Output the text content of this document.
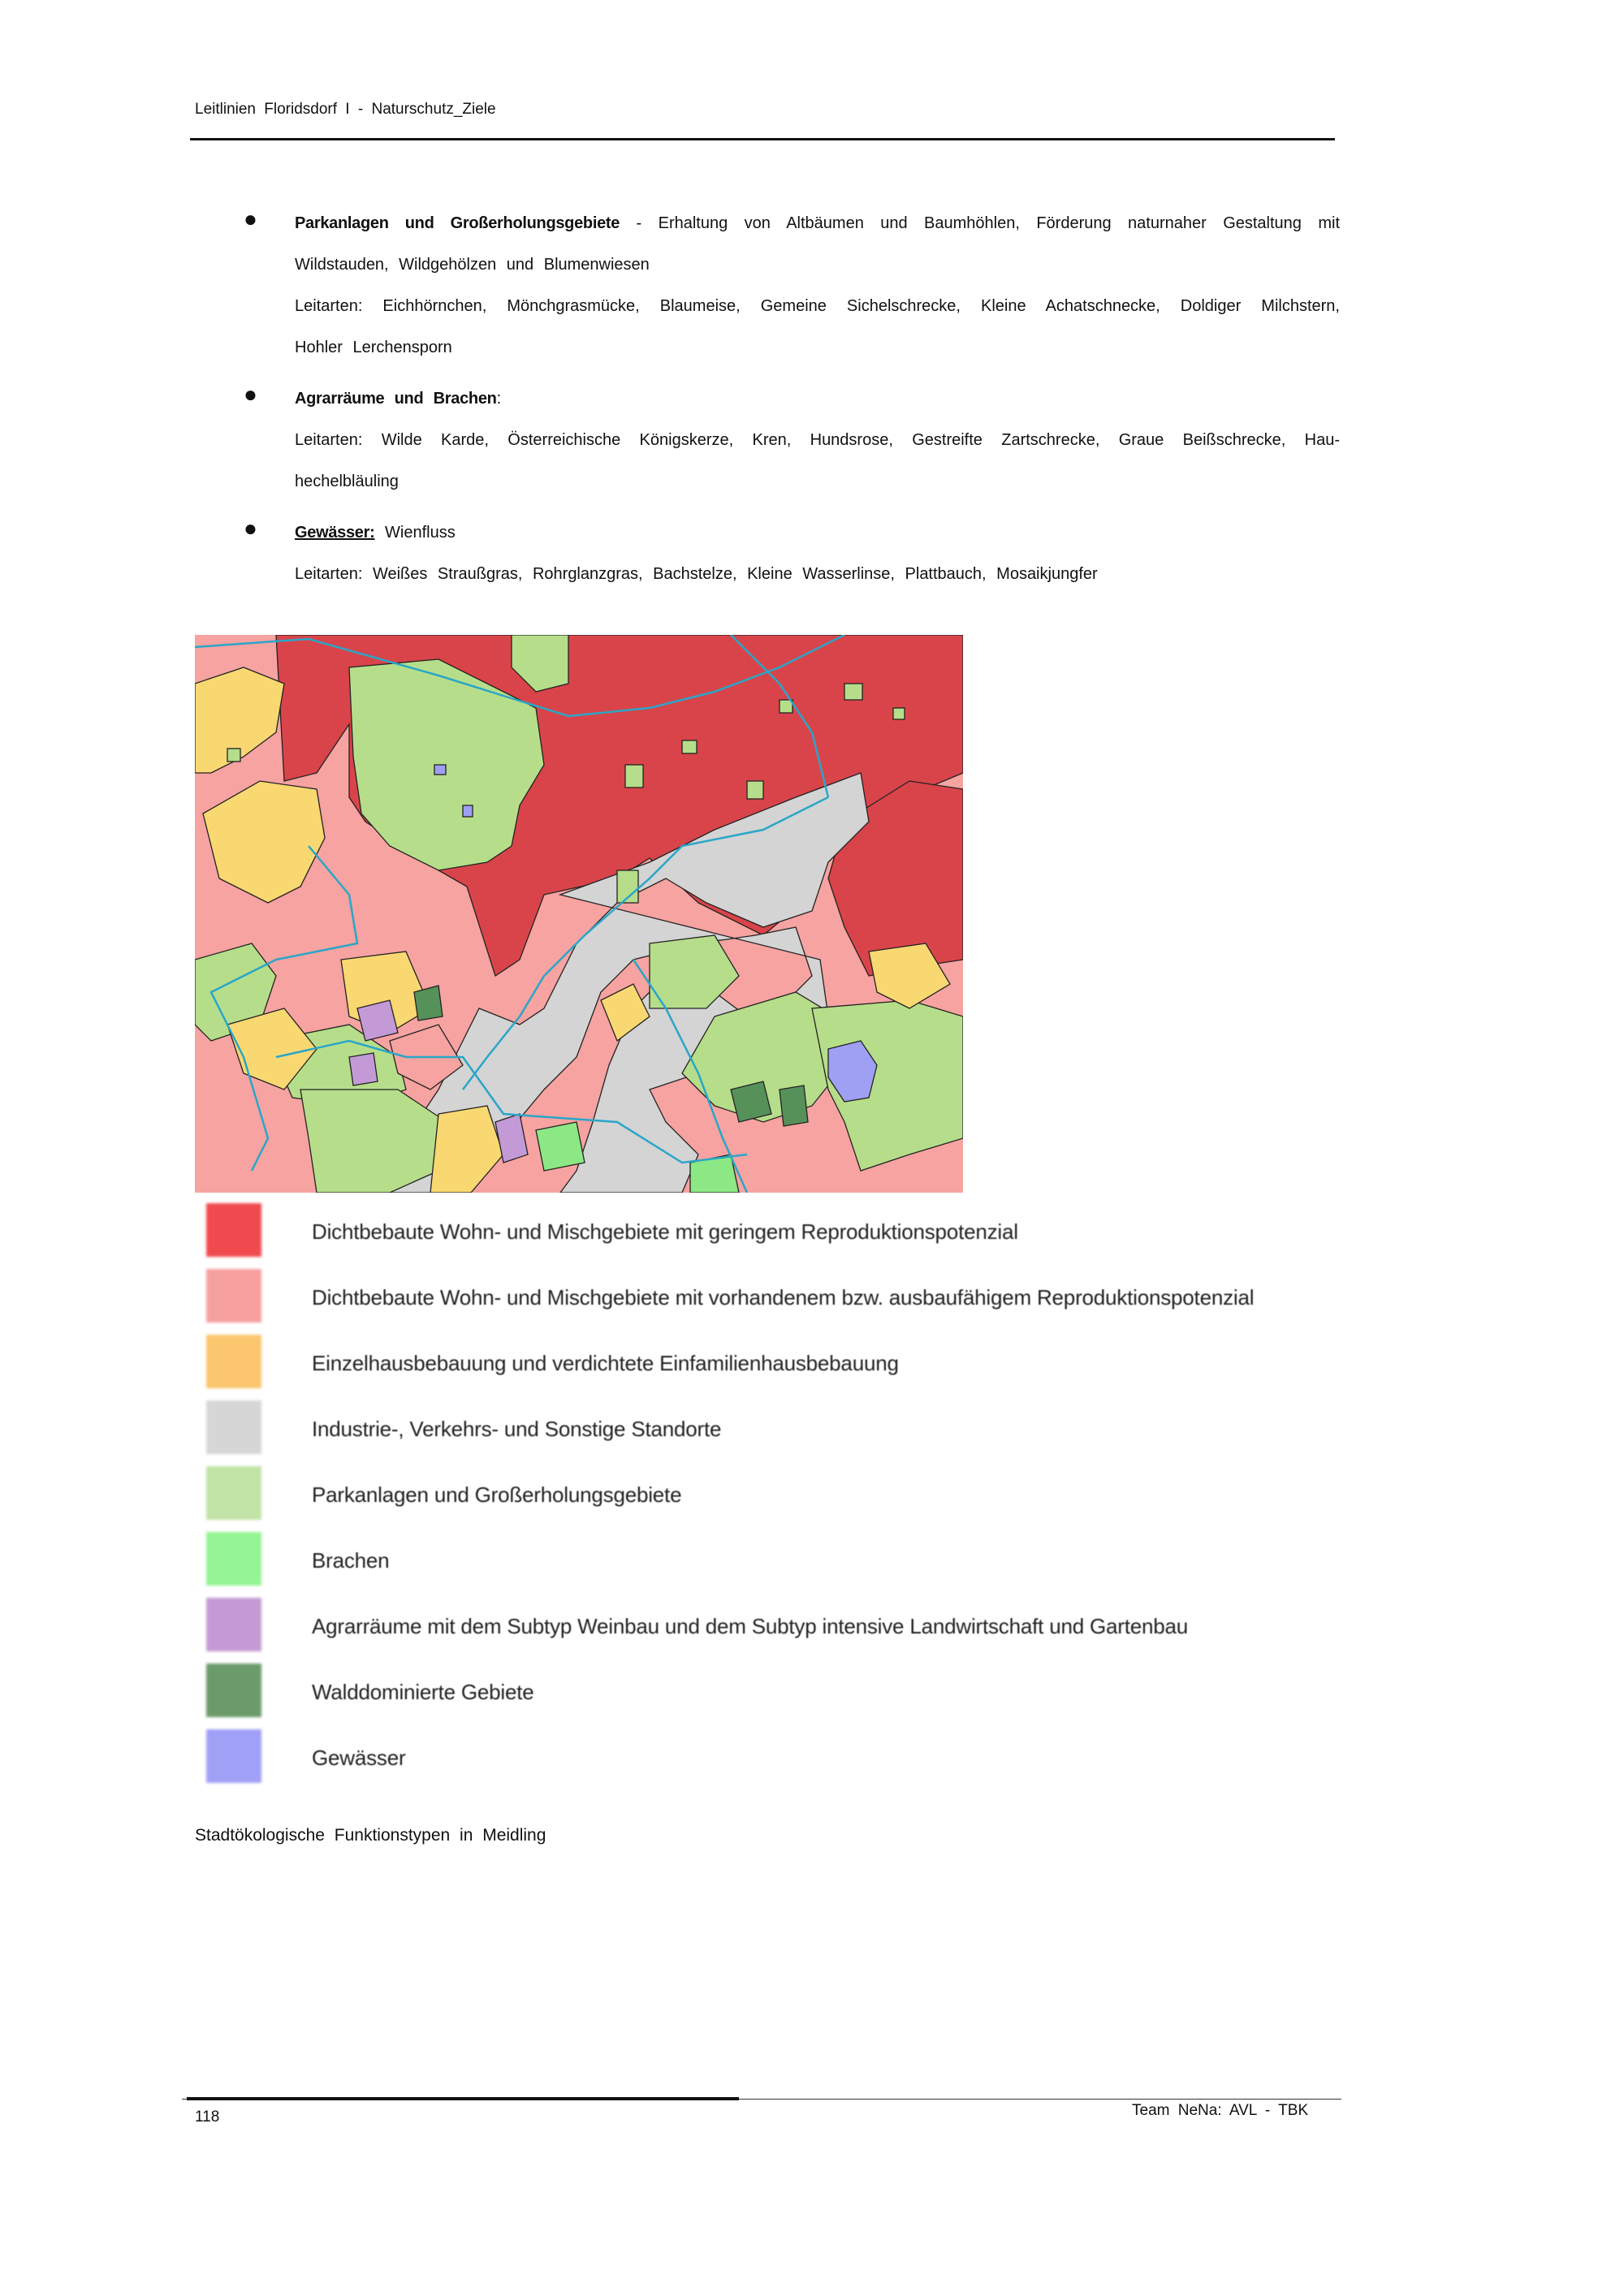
Leitlinien Floridsdorf I - Naturschutz_Ziele
● Parkanlagen und Großerholungsgebiete - Erhaltung von Altbäumen und Baumhöhlen, Förderung naturnaher Gestaltung mit
Wildstauden, Wildgehölzen und Blumenwiesen
Leitarten: Eichhörnchen, Mönchgrasmücke, Blaumeise, Gemeine Sichelschrecke, Kleine Achatschnecke, Doldiger Milchstern,
Hohler Lerchensporn
● Agrarräume und Brachen:
Leitarten: Wilde Karde, Österreichische Königskerze, Kren, Hundsrose, Gestreifte Zartschrecke, Graue Beißschrecke, Hau-
hechelbläuling
● Gewässer: Wienfluss
Leitarten: Weißes Straußgras, Rohrglanzgras, Bachstelze, Kleine Wasserlinse, Plattbauch, Mosaikjungfer
Dichtbebaute Wohn- und Mischgebiete mit geringem Reproduktionspotenzial
Dichtbebaute Wohn- und Mischgebiete mit vorhandenem bzw. ausbaufähigem Reproduktionspotenzial
Einzelhausbebauung und verdichtete Einfamilienhausbebauung
Industrie-, Verkehrs- und Sonstige Standorte
Parkanlagen und Großerholungsgebiete
Brachen
Agrarräume mit dem Subtyp Weinbau und dem Subtyp intensive Landwirtschaft und Gartenbau
Walddominierte Gebiete
Gewässer
Stadtökologische Funktionstypen in Meidling
118	Team NeNa: AVL - TBK
